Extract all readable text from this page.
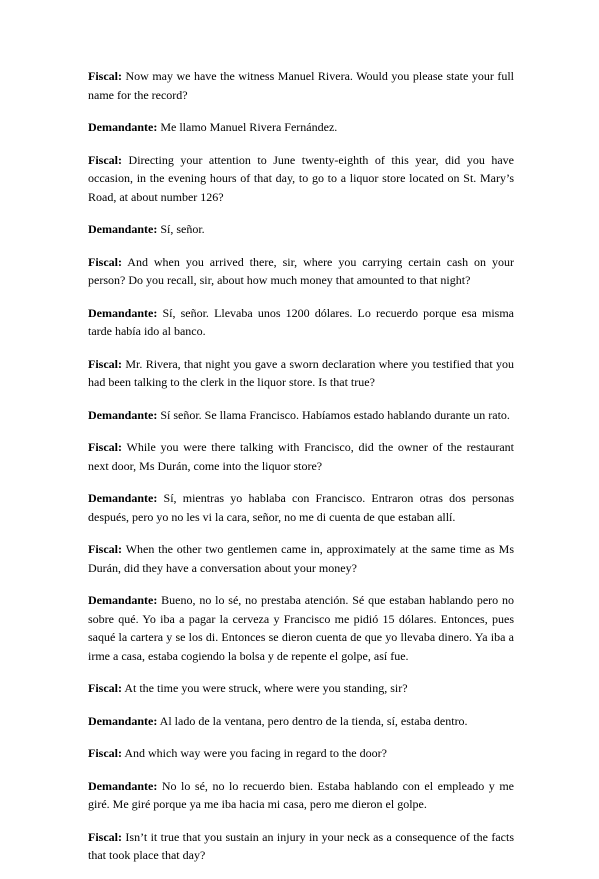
Fiscal: Now may we have the witness Manuel Rivera. Would you please state your full name for the record?

Demandante: Me llamo Manuel Rivera Fernández.

Fiscal: Directing your attention to June twenty-eighth of this year, did you have occasion, in the evening hours of that day, to go to a liquor store located on St. Mary’s Road, at about number 126?

Demandante: Sí, señor.

Fiscal: And when you arrived there, sir, where you carrying certain cash on your person? Do you recall, sir, about how much money that amounted to that night?

Demandante: Sí, señor. Llevaba unos 1200 dólares. Lo recuerdo porque esa misma tarde había ido al banco.

Fiscal: Mr. Rivera, that night you gave a sworn declaration where you testified that you had been talking to the clerk in the liquor store. Is that true?

Demandante: Sí señor. Se llama Francisco. Habíamos estado hablando durante un rato.

Fiscal: While you were there talking with Francisco, did the owner of the restaurant next door, Ms Durán, come into the liquor store?

Demandante: Sí, mientras yo hablaba con Francisco. Entraron otras dos personas después, pero yo no les vi la cara, señor, no me di cuenta de que estaban allí.

Fiscal: When the other two gentlemen came in, approximately at the same time as Ms Durán, did they have a conversation about your money?

Demandante: Bueno, no lo sé, no prestaba atención. Sé que estaban hablando pero no sobre qué. Yo iba a pagar la cerveza y Francisco me pidió 15 dólares. Entonces, pues saqué la cartera y se los di. Entonces se dieron cuenta de que yo llevaba dinero. Ya iba a irme a casa, estaba cogiendo la bolsa y de repente el golpe, así fue.

Fiscal: At the time you were struck, where were you standing, sir?

Demandante: Al lado de la ventana, pero dentro de la tienda, sí, estaba dentro.

Fiscal: And which way were you facing in regard to the door?

Demandante: No lo sé, no lo recuerdo bien. Estaba hablando con el empleado y me giré. Me giré porque ya me iba hacia mi casa, pero me dieron el golpe.

Fiscal: Isn’t it true that you sustain an injury in your neck as a consequence of the facts that took place that day?
